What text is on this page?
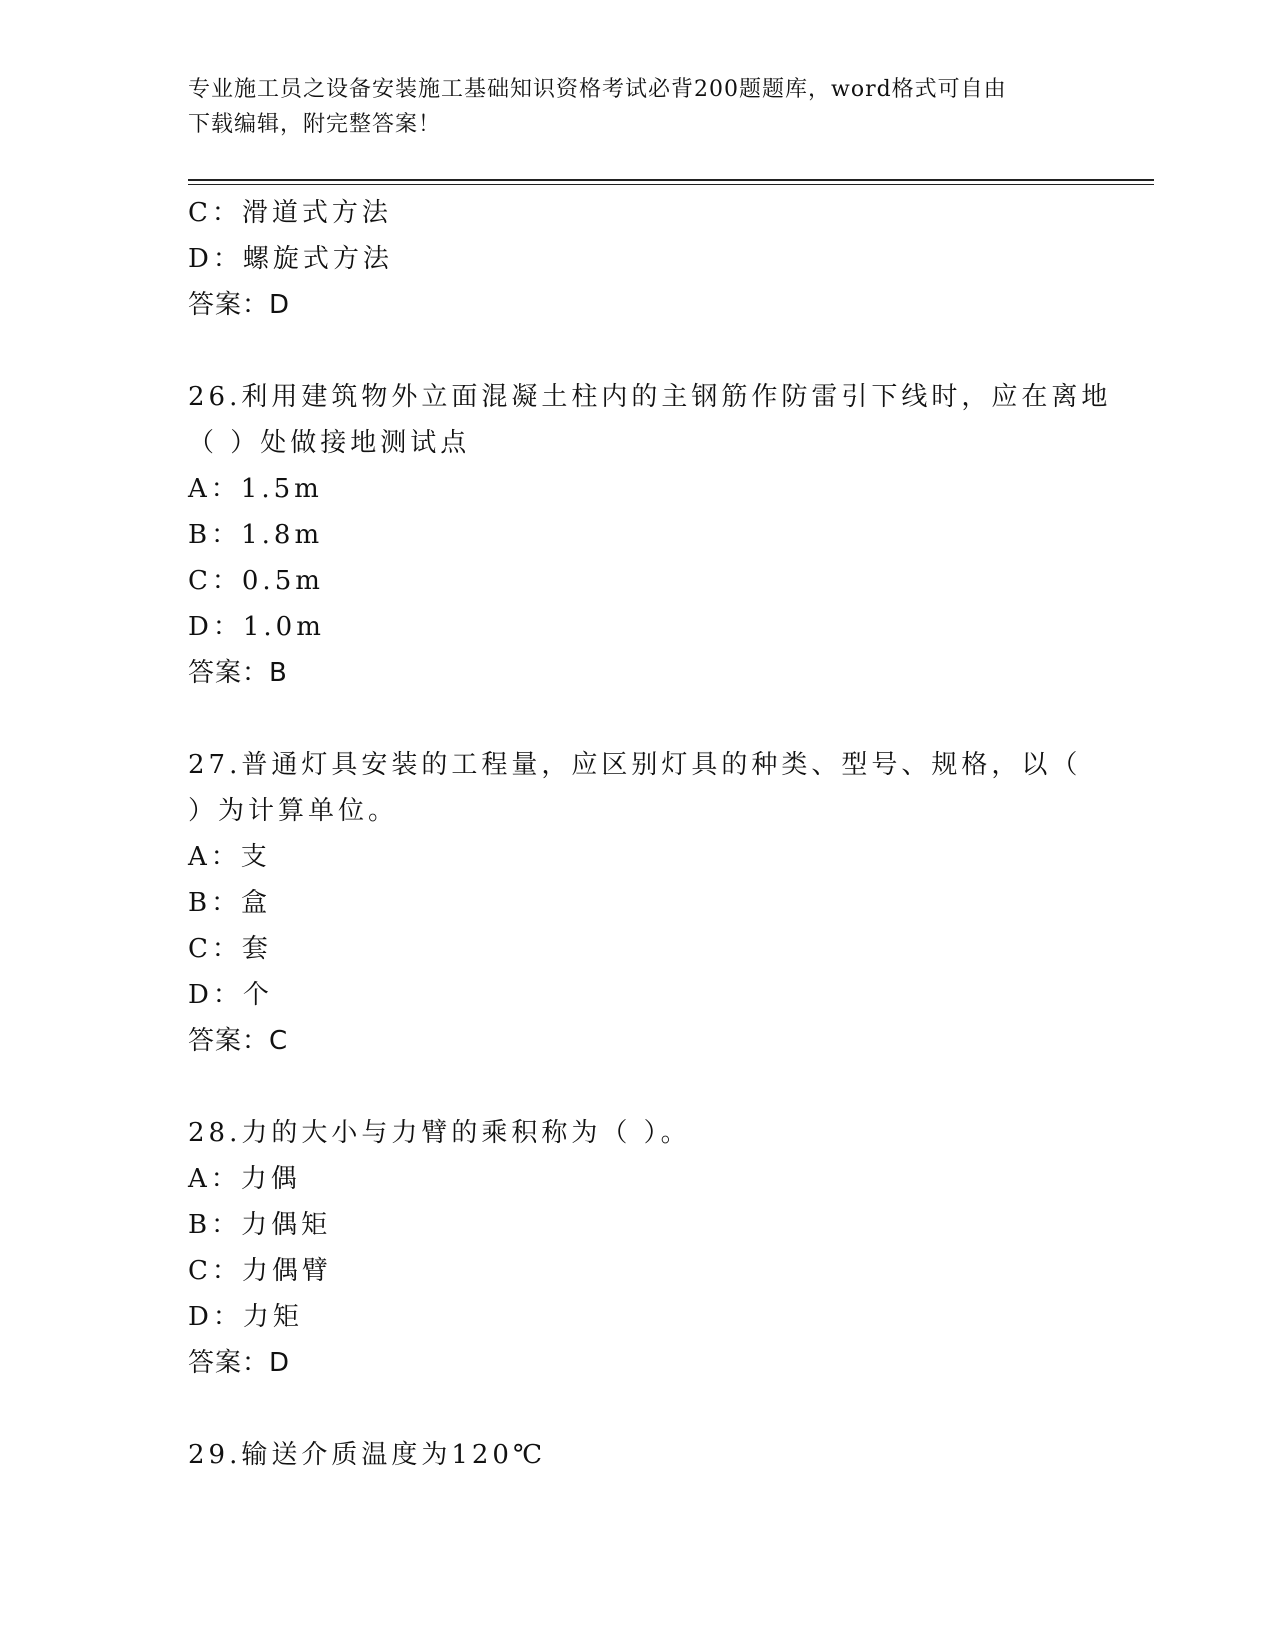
专业施工员之设备安装施工基础知识资格考试必背200题题库，word格式可自由
下载编辑，附完整答案！
C：滑道式方法
D：螺旋式方法
答案：D
26.利用建筑物外立面混凝土柱内的主钢筋作防雷引下线时，应在离地
（ ）处做接地测试点
A：1.5m
B：1.8m
C：0.5m
D：1.0m
答案：B
27.普通灯具安装的工程量，应区别灯具的种类、型号、规格，以（
）为计算单位。
A：支
B：盒
C：套
D：个
答案：C
28.力的大小与力臂的乘积称为（ ）。
A：力偶
B：力偶矩
C：力偶臂
D：力矩
答案：D
29.输送介质温度为120℃
